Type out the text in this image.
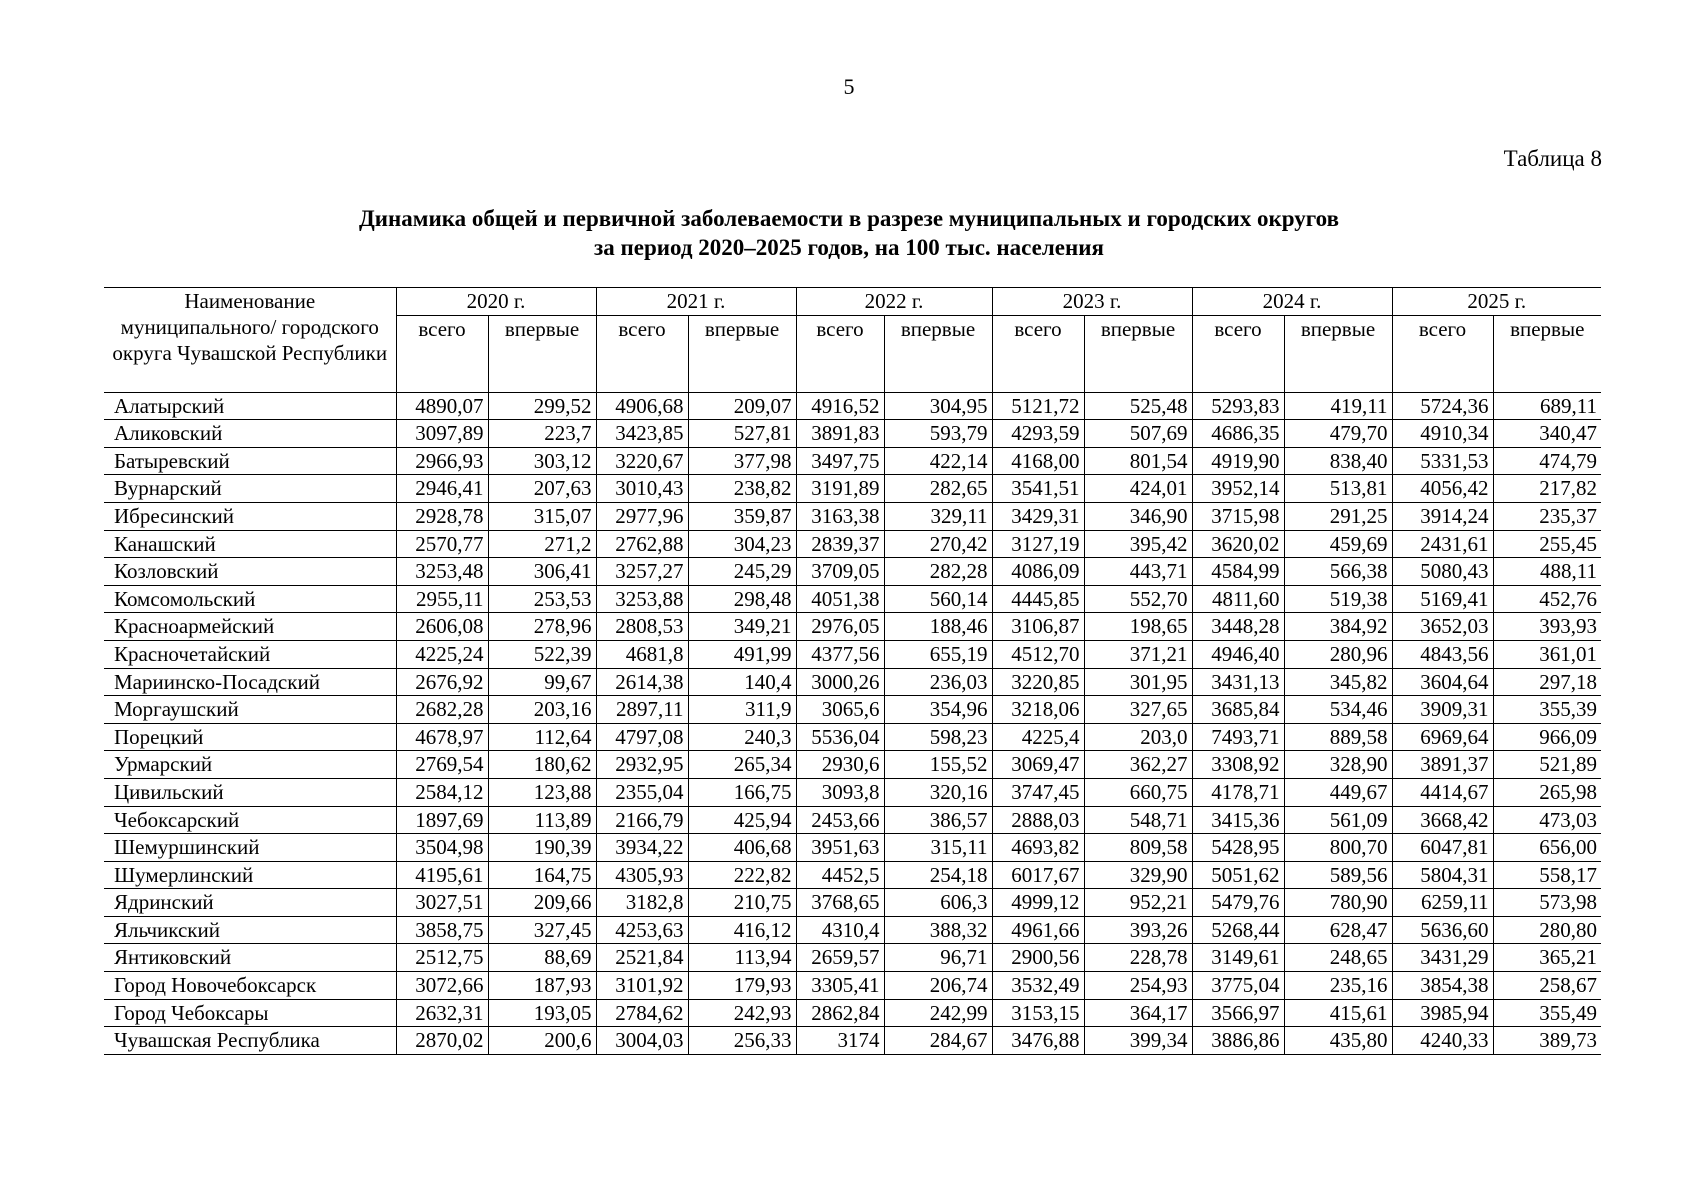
5
Таблица 8
Динамика общей и первичной заболеваемости в разрезе муниципальных и городских округов
за период 2020–2025 годов, на 100 тыс. населения
Наименование муниципального/ городского округа Чувашской Республики	2020 г.		2021 г.		2022 г.		2023 г.		2024 г.		2025 г.	
	всего	впервые	всего	впервые	всего	впервые	всего	впервые	всего	впервые	всего	впервые
Алатырский	4890,07	299,52	4906,68	209,07	4916,52	304,95	5121,72	525,48	5293,83	419,11	5724,36	689,11
Аликовский	3097,89	223,7	3423,85	527,81	3891,83	593,79	4293,59	507,69	4686,35	479,70	4910,34	340,47
Батыревский	2966,93	303,12	3220,67	377,98	3497,75	422,14	4168,00	801,54	4919,90	838,40	5331,53	474,79
Вурнарский	2946,41	207,63	3010,43	238,82	3191,89	282,65	3541,51	424,01	3952,14	513,81	4056,42	217,82
Ибресинский	2928,78	315,07	2977,96	359,87	3163,38	329,11	3429,31	346,90	3715,98	291,25	3914,24	235,37
Канашский	2570,77	271,2	2762,88	304,23	2839,37	270,42	3127,19	395,42	3620,02	459,69	2431,61	255,45
Козловский	3253,48	306,41	3257,27	245,29	3709,05	282,28	4086,09	443,71	4584,99	566,38	5080,43	488,11
Комсомольский	2955,11	253,53	3253,88	298,48	4051,38	560,14	4445,85	552,70	4811,60	519,38	5169,41	452,76
Красноармейский	2606,08	278,96	2808,53	349,21	2976,05	188,46	3106,87	198,65	3448,28	384,92	3652,03	393,93
Красночетайский	4225,24	522,39	4681,8	491,99	4377,56	655,19	4512,70	371,21	4946,40	280,96	4843,56	361,01
Мариинско-Посадский	2676,92	99,67	2614,38	140,4	3000,26	236,03	3220,85	301,95	3431,13	345,82	3604,64	297,18
Моргаушский	2682,28	203,16	2897,11	311,9	3065,6	354,96	3218,06	327,65	3685,84	534,46	3909,31	355,39
Порецкий	4678,97	112,64	4797,08	240,3	5536,04	598,23	4225,4	203,0	7493,71	889,58	6969,64	966,09
Урмарский	2769,54	180,62	2932,95	265,34	2930,6	155,52	3069,47	362,27	3308,92	328,90	3891,37	521,89
Цивильский	2584,12	123,88	2355,04	166,75	3093,8	320,16	3747,45	660,75	4178,71	449,67	4414,67	265,98
Чебоксарский	1897,69	113,89	2166,79	425,94	2453,66	386,57	2888,03	548,71	3415,36	561,09	3668,42	473,03
Шемуршинский	3504,98	190,39	3934,22	406,68	3951,63	315,11	4693,82	809,58	5428,95	800,70	6047,81	656,00
Шумерлинский	4195,61	164,75	4305,93	222,82	4452,5	254,18	6017,67	329,90	5051,62	589,56	5804,31	558,17
Ядринский	3027,51	209,66	3182,8	210,75	3768,65	606,3	4999,12	952,21	5479,76	780,90	6259,11	573,98
Яльчикский	3858,75	327,45	4253,63	416,12	4310,4	388,32	4961,66	393,26	5268,44	628,47	5636,60	280,80
Янтиковский	2512,75	88,69	2521,84	113,94	2659,57	96,71	2900,56	228,78	3149,61	248,65	3431,29	365,21
Город Новочебоксарск	3072,66	187,93	3101,92	179,93	3305,41	206,74	3532,49	254,93	3775,04	235,16	3854,38	258,67
Город Чебоксары	2632,31	193,05	2784,62	242,93	2862,84	242,99	3153,15	364,17	3566,97	415,61	3985,94	355,49
Чувашская Республика	2870,02	200,6	3004,03	256,33	3174	284,67	3476,88	399,34	3886,86	435,80	4240,33	389,73
